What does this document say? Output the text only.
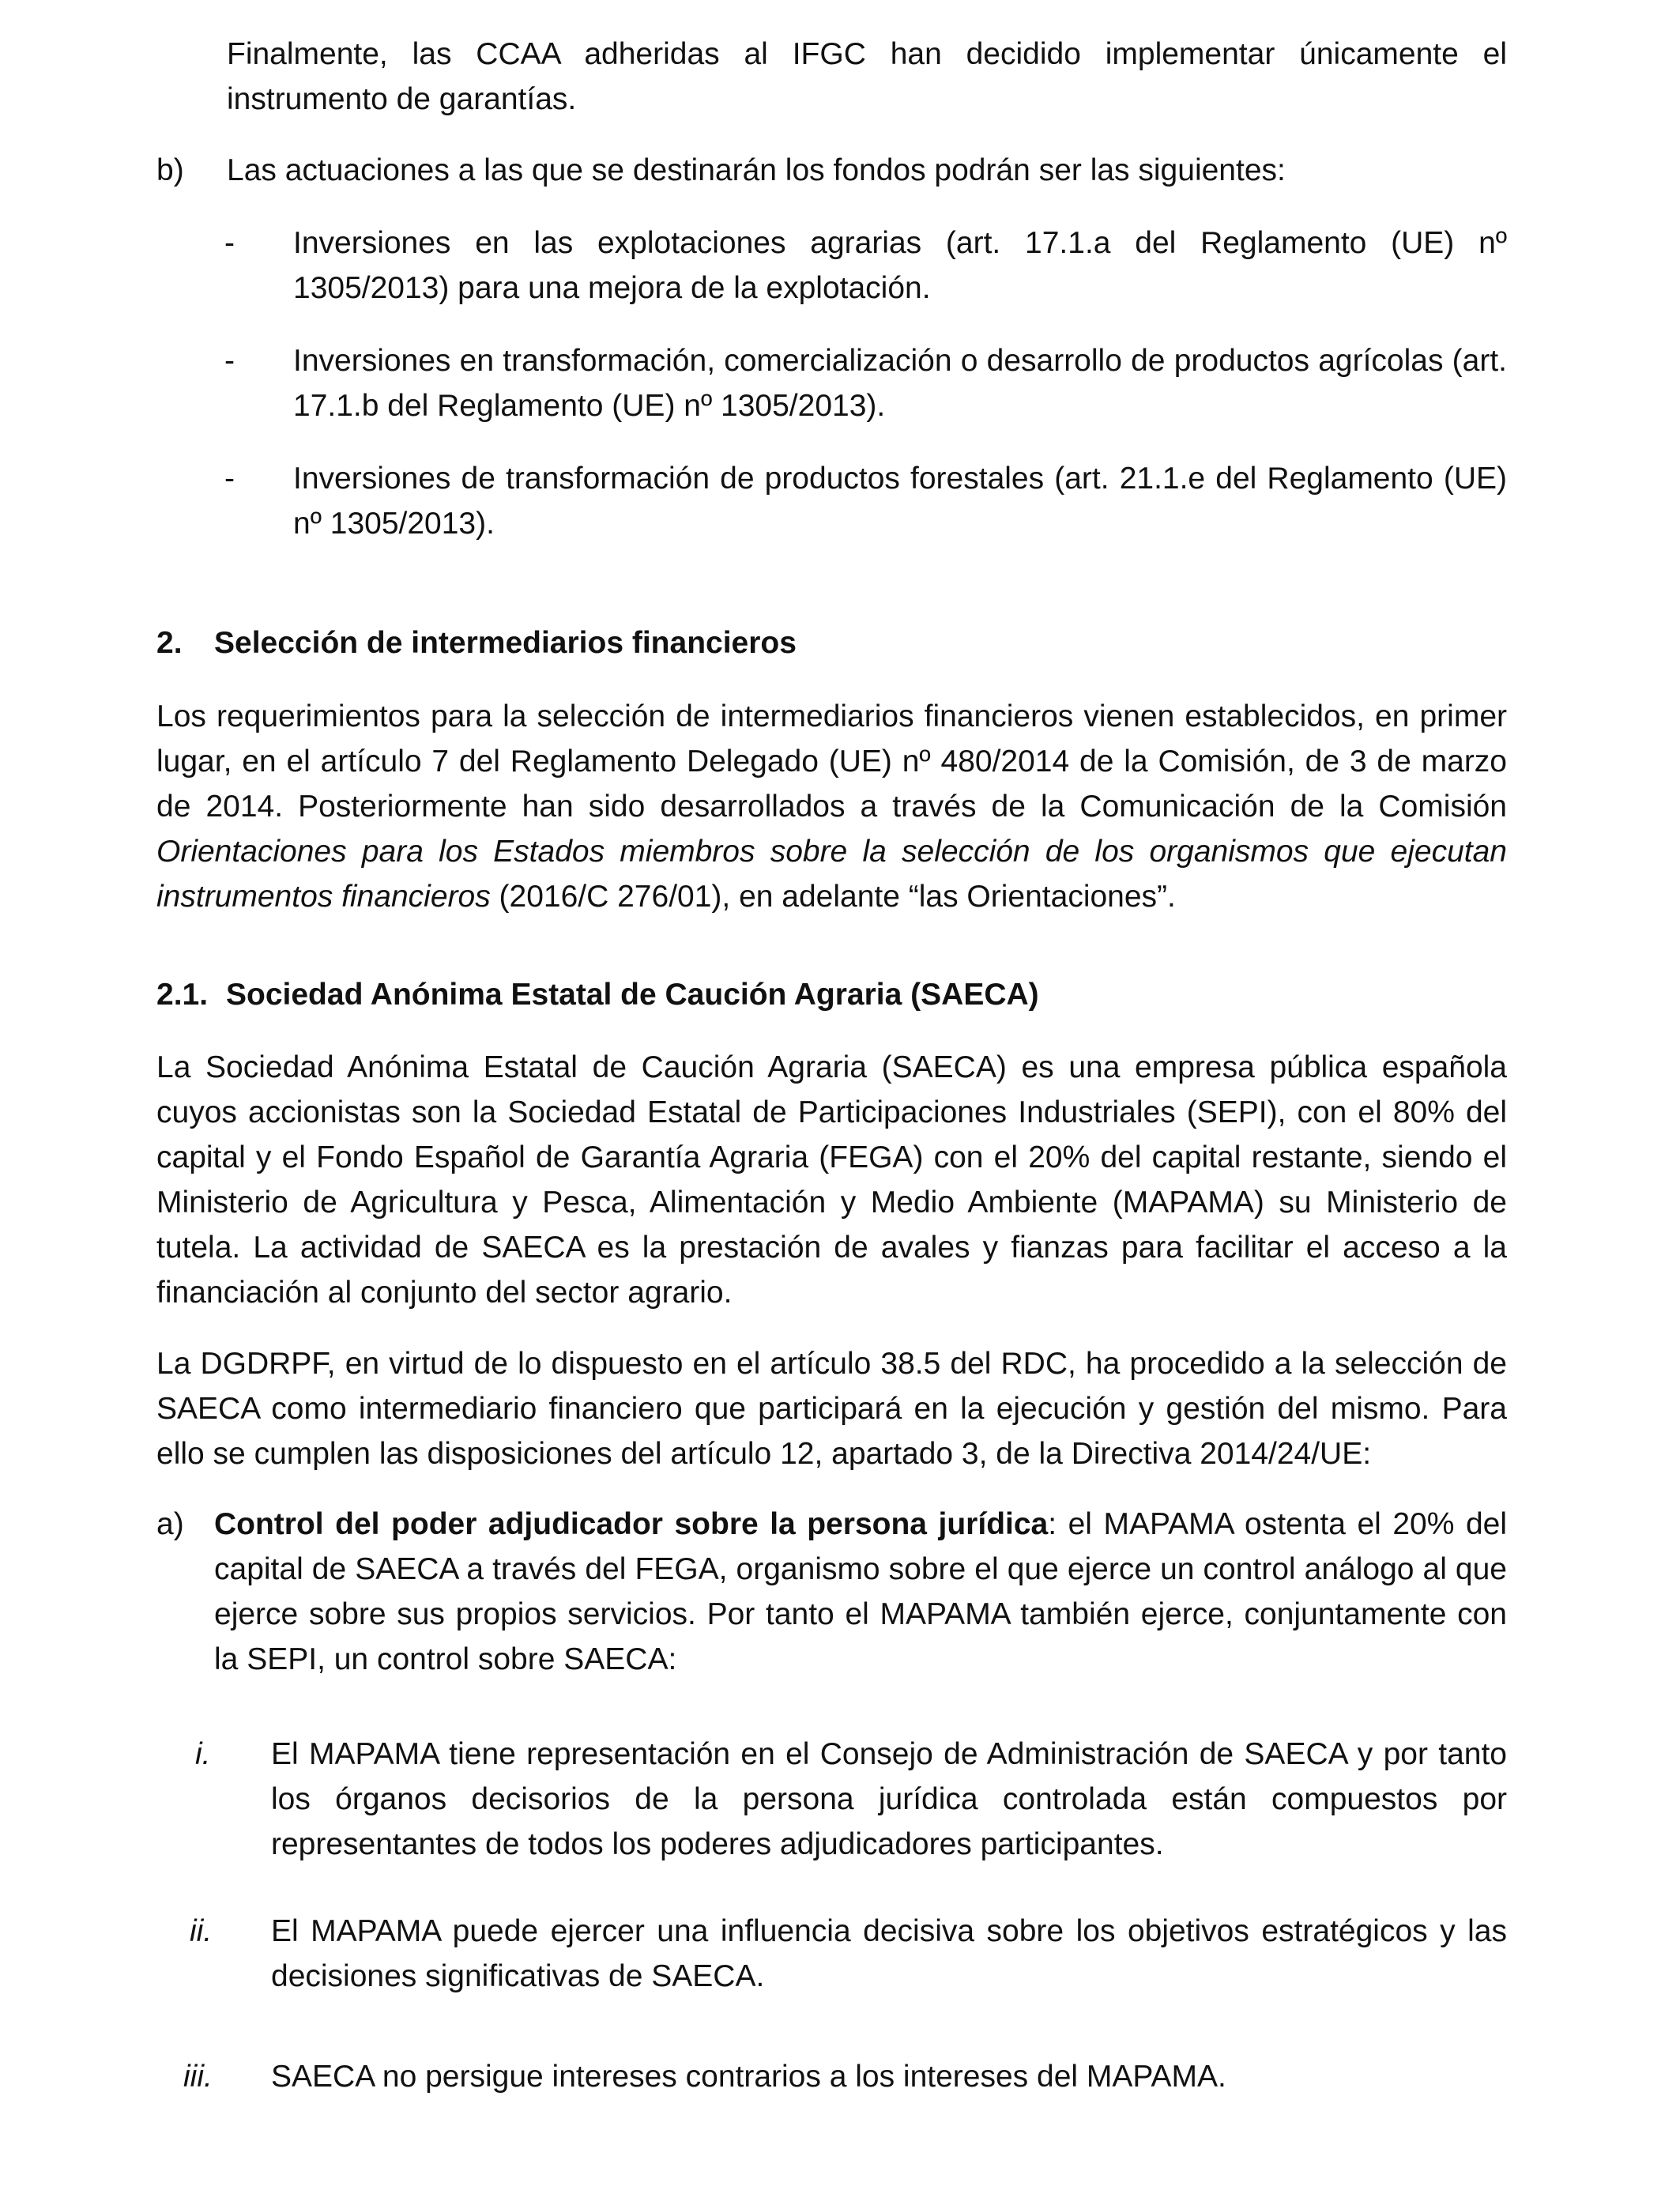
Finalmente, las CCAA adheridas al IFGC han decidido implementar únicamente el instrumento de garantías.

b) Las actuaciones a las que se destinarán los fondos podrán ser las siguientes:

- Inversiones en las explotaciones agrarias (art. 17.1.a del Reglamento (UE) nº 1305/2013) para una mejora de la explotación.

- Inversiones en transformación, comercialización o desarrollo de productos agrícolas (art. 17.1.b del Reglamento (UE) nº 1305/2013).

- Inversiones de transformación de productos forestales (art. 21.1.e del Reglamento (UE) nº 1305/2013).

2. Selección de intermediarios financieros

Los requerimientos para la selección de intermediarios financieros vienen establecidos, en primer lugar, en el artículo 7 del Reglamento Delegado (UE) nº 480/2014 de la Comisión, de 3 de marzo de 2014. Posteriormente han sido desarrollados a través de la Comunicación de la Comisión Orientaciones para los Estados miembros sobre la selección de los organismos que ejecutan instrumentos financieros (2016/C 276/01), en adelante “las Orientaciones”.

2.1. Sociedad Anónima Estatal de Caución Agraria (SAECA)

La Sociedad Anónima Estatal de Caución Agraria (SAECA) es una empresa pública española cuyos accionistas son la Sociedad Estatal de Participaciones Industriales (SEPI), con el 80% del capital y el Fondo Español de Garantía Agraria (FEGA) con el 20% del capital restante, siendo el Ministerio de Agricultura y Pesca, Alimentación y Medio Ambiente (MAPAMA) su Ministerio de tutela. La actividad de SAECA es la prestación de avales y fianzas para facilitar el acceso a la financiación al conjunto del sector agrario.

La DGDRPF, en virtud de lo dispuesto en el artículo 38.5 del RDC, ha procedido a la selección de SAECA como intermediario financiero que participará en la ejecución y gestión del mismo. Para ello se cumplen las disposiciones del artículo 12, apartado 3, de la Directiva 2014/24/UE:

a) Control del poder adjudicador sobre la persona jurídica: el MAPAMA ostenta el 20% del capital de SAECA a través del FEGA, organismo sobre el que ejerce un control análogo al que ejerce sobre sus propios servicios. Por tanto el MAPAMA también ejerce, conjuntamente con la SEPI, un control sobre SAECA:

i. El MAPAMA tiene representación en el Consejo de Administración de SAECA y por tanto los órganos decisorios de la persona jurídica controlada están compuestos por representantes de todos los poderes adjudicadores participantes.

ii. El MAPAMA puede ejercer una influencia decisiva sobre los objetivos estratégicos y las decisiones significativas de SAECA.

iii. SAECA no persigue intereses contrarios a los intereses del MAPAMA.
